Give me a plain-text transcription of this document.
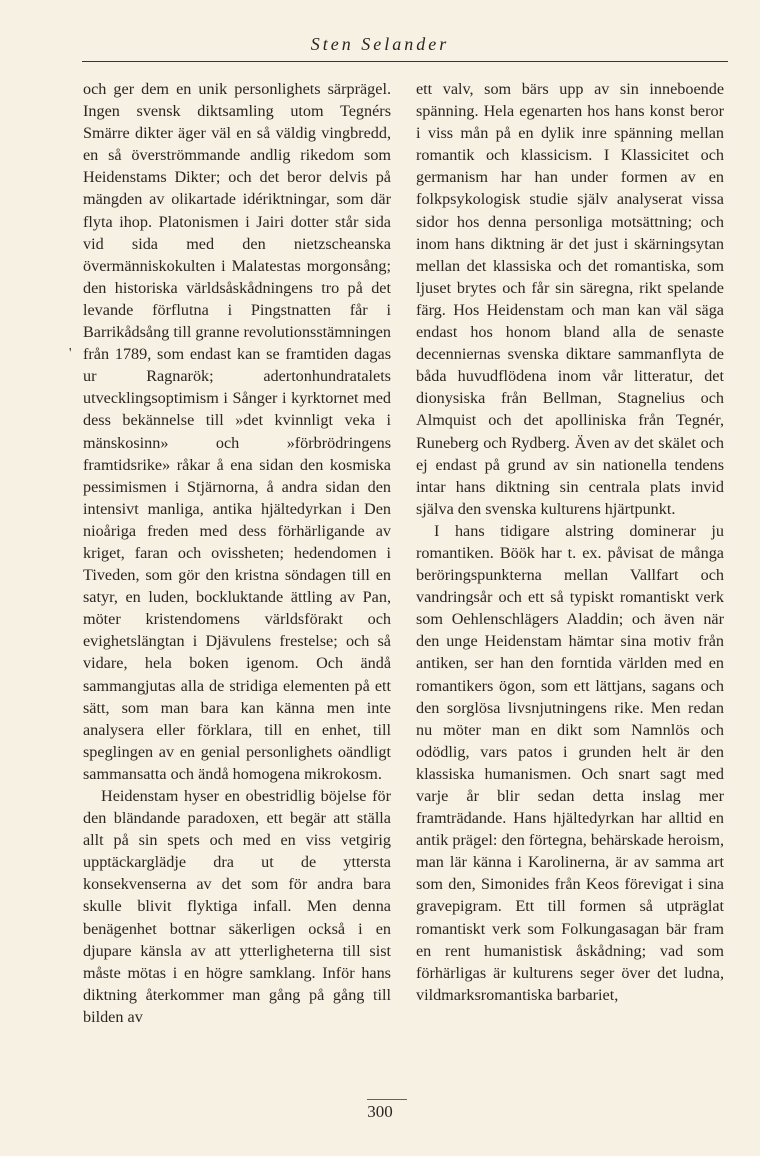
Sten Selander
'

och ger dem en unik personlighets särprägel. Ingen svensk diktsamling utom Tegnérs Smärre dikter äger väl en så väldig vingbredd, en så överströmmande andlig rikedom som Heidenstams Dikter; och det beror delvis på mängden av olikartade idériktningar, som där flyta ihop. Platonismen i Jairi dotter står sida vid sida med den nietzscheanska övermänniskokulten i Malatestas morgonsång; den historiska världsåskådningens tro på det levande förflutna i Pingstnatten får i Barrikådsång till granne revolutionsstämningen från 1789, som endast kan se framtiden dagas ur Ragnarök; adertonhundratalets utvecklingsoptimism i Sånger i kyrktornet med dess bekännelse till »det kvinnligt veka i mänskosinn» och »förbrödringens framtidsrike» råkar å ena sidan den kosmiska pessimismen i Stjärnorna, å andra sidan den intensivt manliga, antika hjältedyrkan i Den nioåriga freden med dess förhärligande av kriget, faran och ovissheten; hedendomen i Tiveden, som gör den kristna söndagen till en satyr, en luden, bockluktande ättling av Pan, möter kristendomens världsförakt och evighetslängtan i Djävulens frestelse; och så vidare, hela boken igenom. Och ändå sammangjutas alla de stridiga elementen på ett sätt, som man bara kan känna men inte analysera eller förklara, till en enhet, till speglingen av en genial personlighets oändligt sammansatta och ändå homogena mikrokosm.

Heidenstam hyser en obestridlig böjelse för den bländande paradoxen, ett begär att ställa allt på sin spets och med en viss vetgirig upptäckarglädje dra ut de yttersta konsekvenserna av det som för andra bara skulle blivit flyktiga infall. Men denna benägenhet bottnar säkerligen också i en djupare känsla av att ytterligheterna till sist måste mötas i en högre samklang. Inför hans diktning återkommer man gång på gång till bilden av

ett valv, som bärs upp av sin inneboende spänning. Hela egenarten hos hans konst beror i viss mån på en dylik inre spänning mellan romantik och klassicism. I Klassicitet och germanism har han under formen av en folkpsykologisk studie själv analyserat vissa sidor hos denna personliga motsättning; och inom hans diktning är det just i skärningsytan mellan det klassiska och det romantiska, som ljuset brytes och får sin säregna, rikt spelande färg. Hos Heidenstam och man kan väl säga endast hos honom bland alla de senaste decenniernas svenska diktare sammanflyta de båda huvudflödena inom vår litteratur, det dionysiska från Bellman, Stagnelius och Almquist och det apolliniska från Tegnér, Runeberg och Rydberg. Även av det skälet och ej endast på grund av sin nationella tendens intar hans diktning sin centrala plats invid själva den svenska kulturens hjärtpunkt.

I hans tidigare alstring dominerar ju romantiken. Böök har t. ex. påvisat de många beröringspunkterna mellan Vallfart och vandringsår och ett så typiskt romantiskt verk som Oehlenschlägers Aladdin; och även när den unge Heidenstam hämtar sina motiv från antiken, ser han den forntida världen med en romantikers ögon, som ett lättjans, sagans och den sorglösa livsnjutningens rike. Men redan nu möter man en dikt som Namnlös och odödlig, vars patos i grunden helt är den klassiska humanismen. Och snart sagt med varje år blir sedan detta inslag mer framträdande. Hans hjältedyrkan har alltid en antik prägel: den förtegna, behärskade heroism, man lär känna i Karolinerna, är av samma art som den, Simonides från Keos förevigat i sina gravepigram. Ett till formen så utpräglat romantiskt verk som Folkungasagan bär fram en rent humanistisk åskådning; vad som förhärligas är kulturens seger över det ludna, vildmarksromantiska barbariet,

300
